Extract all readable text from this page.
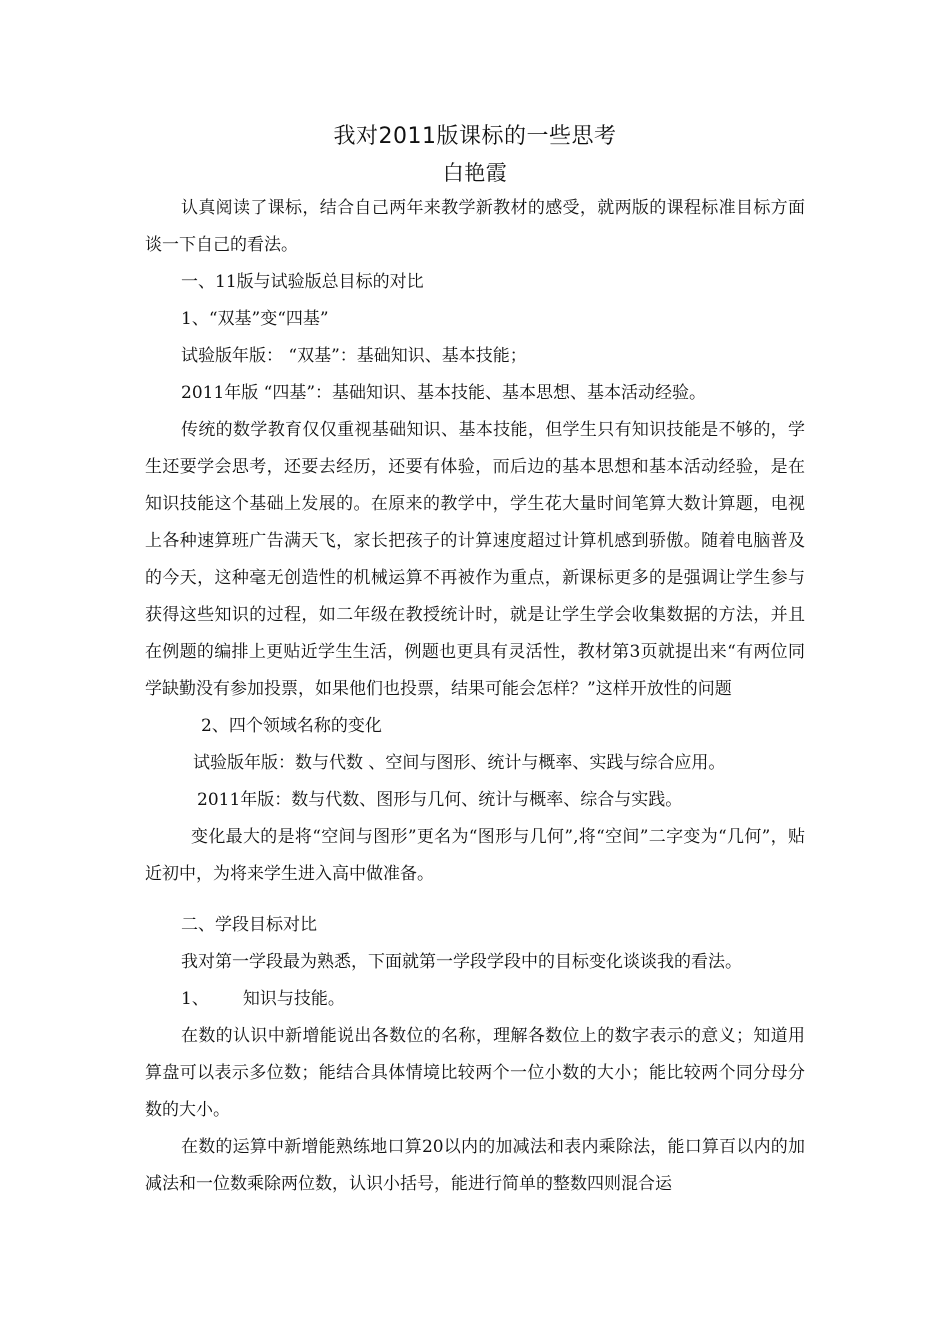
我对2011版课标的一些思考
白艳霞

认真阅读了课标，结合自己两年来教学新教材的感受，就两版的课程标准目标方面谈一下自己的看法。

一、11版与试验版总目标的对比

1、“双基”变“四基”

试验版年版： “双基”：基础知识、基本技能；

2011年版 “四基”：基础知识、基本技能、基本思想、基本活动经验。

传统的数学教育仅仅重视基础知识、基本技能，但学生只有知识技能是不够的，学生还要学会思考，还要去经历，还要有体验，而后边的基本思想和基本活动经验，是在知识技能这个基础上发展的。在原来的教学中，学生花大量时间笔算大数计算题，电视上各种速算班广告满天飞，家长把孩子的计算速度超过计算机感到骄傲。随着电脑普及的今天，这种毫无创造性的机械运算不再被作为重点，新课标更多的是强调让学生参与获得这些知识的过程，如二年级在教授统计时，就是让学生学会收集数据的方法，并且在例题的编排上更贴近学生生活，例题也更具有灵活性，教材第3页就提出来“有两位同学缺勤没有参加投票，如果他们也投票，结果可能会怎样？”这样开放性的问题

2、四个领域名称的变化

试验版年版：数与代数 、空间与图形、统计与概率、实践与综合应用。

2011年版：数与代数、图形与几何、统计与概率、综合与实践。

变化最大的是将“空间与图形”更名为“图形与几何”,将“空间”二字变为“几何”，贴近初中，为将来学生进入高中做准备。

二、学段目标对比

我对第一学段最为熟悉，下面就第一学段学段中的目标变化谈谈我的看法。

1、 知识与技能。

在数的认识中新增能说出各数位的名称，理解各数位上的数字表示的意义；知道用算盘可以表示多位数；能结合具体情境比较两个一位小数的大小；能比较两个同分母分数的大小。

在数的运算中新增能熟练地口算20以内的加减法和表内乘除法，能口算百以内的加减法和一位数乘除两位数，认识小括号，能进行简单的整数四则混合运
